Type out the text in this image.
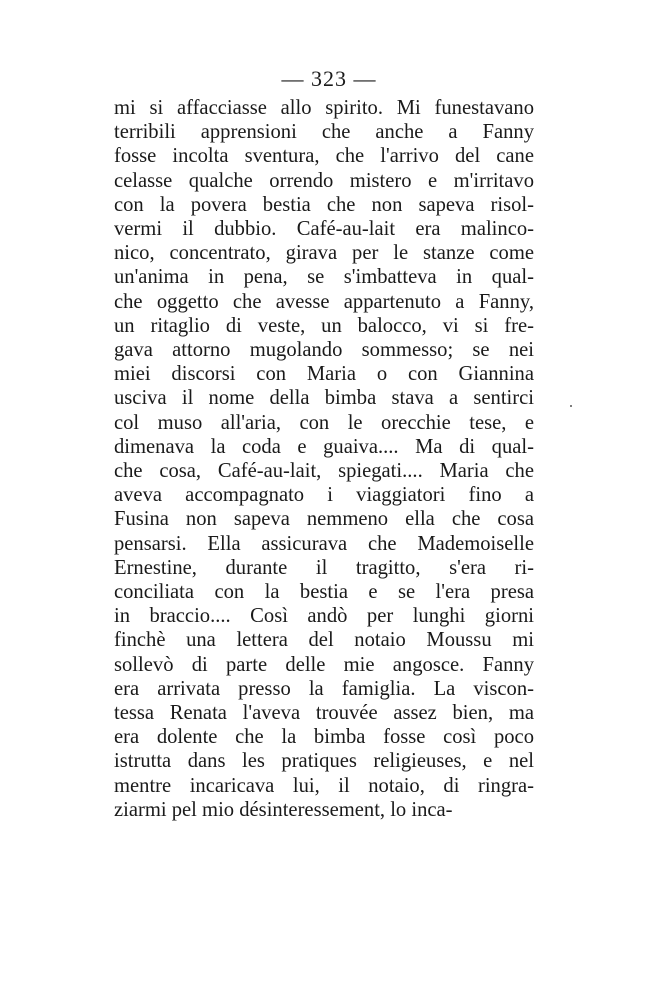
— 323 —
mi si affacciasse allo spirito. Mi funestavano
terribili apprensioni che anche a Fanny
fosse incolta sventura, che l'arrivo del cane
celasse qualche orrendo mistero e m'irritavo
con la povera bestia che non sapeva risol-
vermi il dubbio. Café-au-lait era malinco-
nico, concentrato, girava per le stanze come
un'anima in pena, se s'imbatteva in qual-
che oggetto che avesse appartenuto a Fanny,
un ritaglio di veste, un balocco, vi si fre-
gava attorno mugolando sommesso; se nei
miei discorsi con Maria o con Giannina
usciva il nome della bimba stava a sentirci
col muso all'aria, con le orecchie tese, e
dimenava la coda e guaiva.... Ma di qual-
che cosa, Café-au-lait, spiegati.... Maria che
aveva accompagnato i viaggiatori fino a
Fusina non sapeva nemmeno ella che cosa
pensarsi. Ella assicurava che Mademoiselle
Ernestine, durante il tragitto, s'era ri-
conciliata con la bestia e se l'era presa
in braccio.... Così andò per lunghi giorni
finchè una lettera del notaio Moussu mi
sollevò di parte delle mie angosce. Fanny
era arrivata presso la famiglia. La viscon-
tessa Renata l'aveva trouvée assez bien, ma
era dolente che la bimba fosse così poco
istrutta dans les pratiques religieuses, e nel
mentre incaricava lui, il notaio, di ringra-
ziarmi pel mio désinteressement, lo inca-
